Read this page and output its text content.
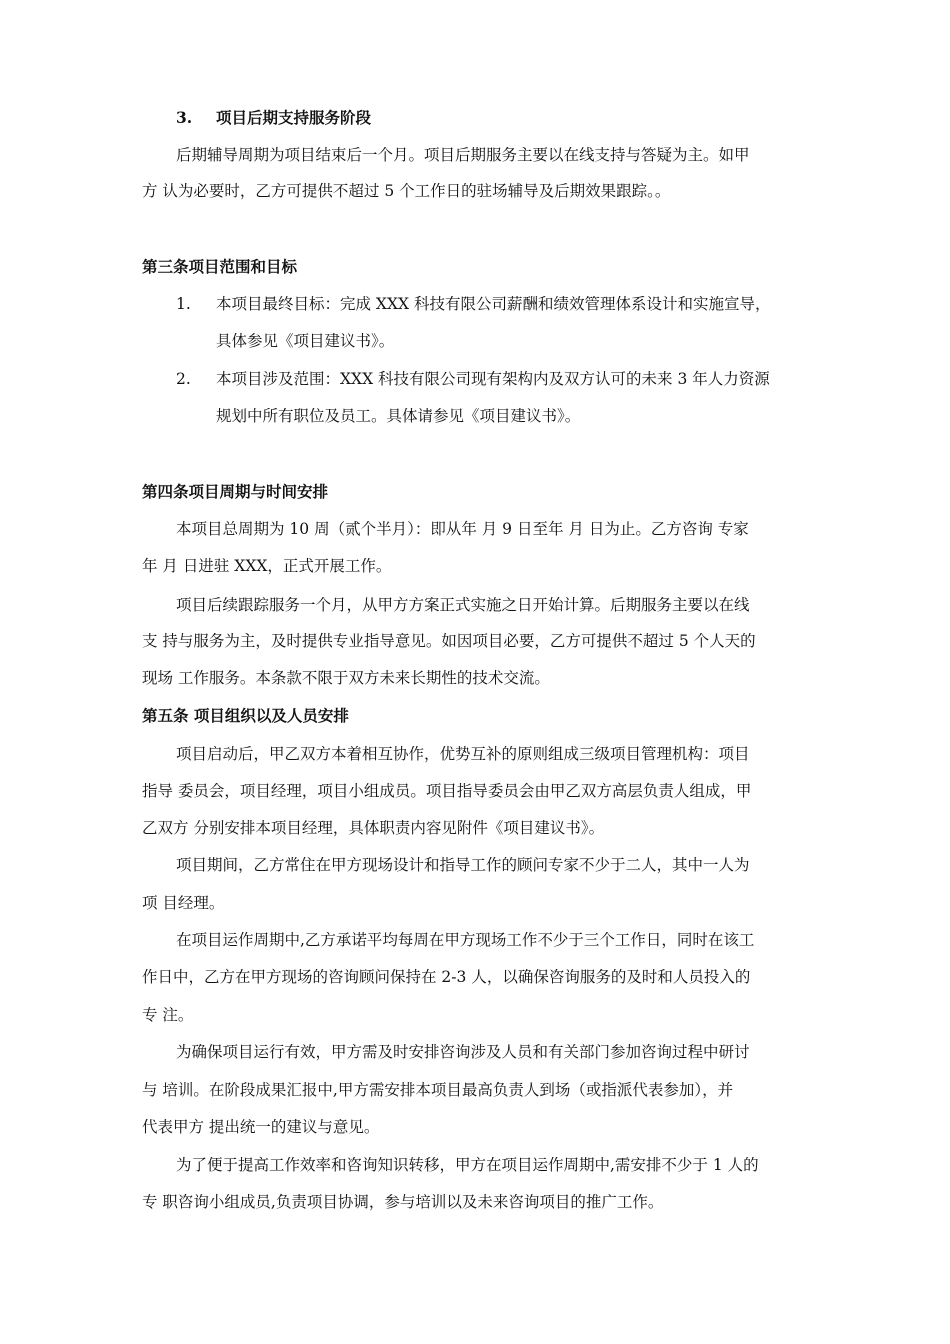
3. 项目后期支持服务阶段
后期辅导周期为项目结束后一个月。项目后期服务主要以在线支持与答疑为主。如甲
方 认为必要时，乙方可提供不超过 5 个工作日的驻场辅导及后期效果跟踪。。
第三条项目范围和目标
1. 本项目最终目标：完成 XXX 科技有限公司薪酬和绩效管理体系设计和实施宣导，
具体参见《项目建议书》。
2. 本项目涉及范围：XXX 科技有限公司现有架构内及双方认可的未来 3 年人力资源
规划中所有职位及员工。具体请参见《项目建议书》。
第四条项目周期与时间安排
本项目总周期为 10 周（贰个半月）：即从年 月 9 日至年 月 日为止。乙方咨询 专家
年 月 日进驻 XXX，正式开展工作。
项目后续跟踪服务一个月，从甲方方案正式实施之日开始计算。后期服务主要以在线
支 持与服务为主，及时提供专业指导意见。如因项目必要，乙方可提供不超过 5 个人天的
现场 工作服务。本条款不限于双方未来长期性的技术交流。
第五条 项目组织以及人员安排
项目启动后，甲乙双方本着相互协作，优势互补的原则组成三级项目管理机构：项目
指导 委员会，项目经理，项目小组成员。项目指导委员会由甲乙双方高层负责人组成，甲
乙双方 分别安排本项目经理，具体职责内容见附件《项目建议书》。
项目期间，乙方常住在甲方现场设计和指导工作的顾问专家不少于二人，其中一人为
项 目经理。
在项目运作周期中,乙方承诺平均每周在甲方现场工作不少于三个工作日，同时在该工
作日中，乙方在甲方现场的咨询顾问保持在 2-3 人，以确保咨询服务的及时和人员投入的
专 注。
为确保项目运行有效，甲方需及时安排咨询涉及人员和有关部门参加咨询过程中研讨
与 培训。在阶段成果汇报中,甲方需安排本项目最高负责人到场（或指派代表参加），并
代表甲方 提出统一的建议与意见。
为了便于提高工作效率和咨询知识转移，甲方在项目运作周期中,需安排不少于 1 人的
专 职咨询小组成员,负责项目协调，参与培训以及未来咨询项目的推广工作。
